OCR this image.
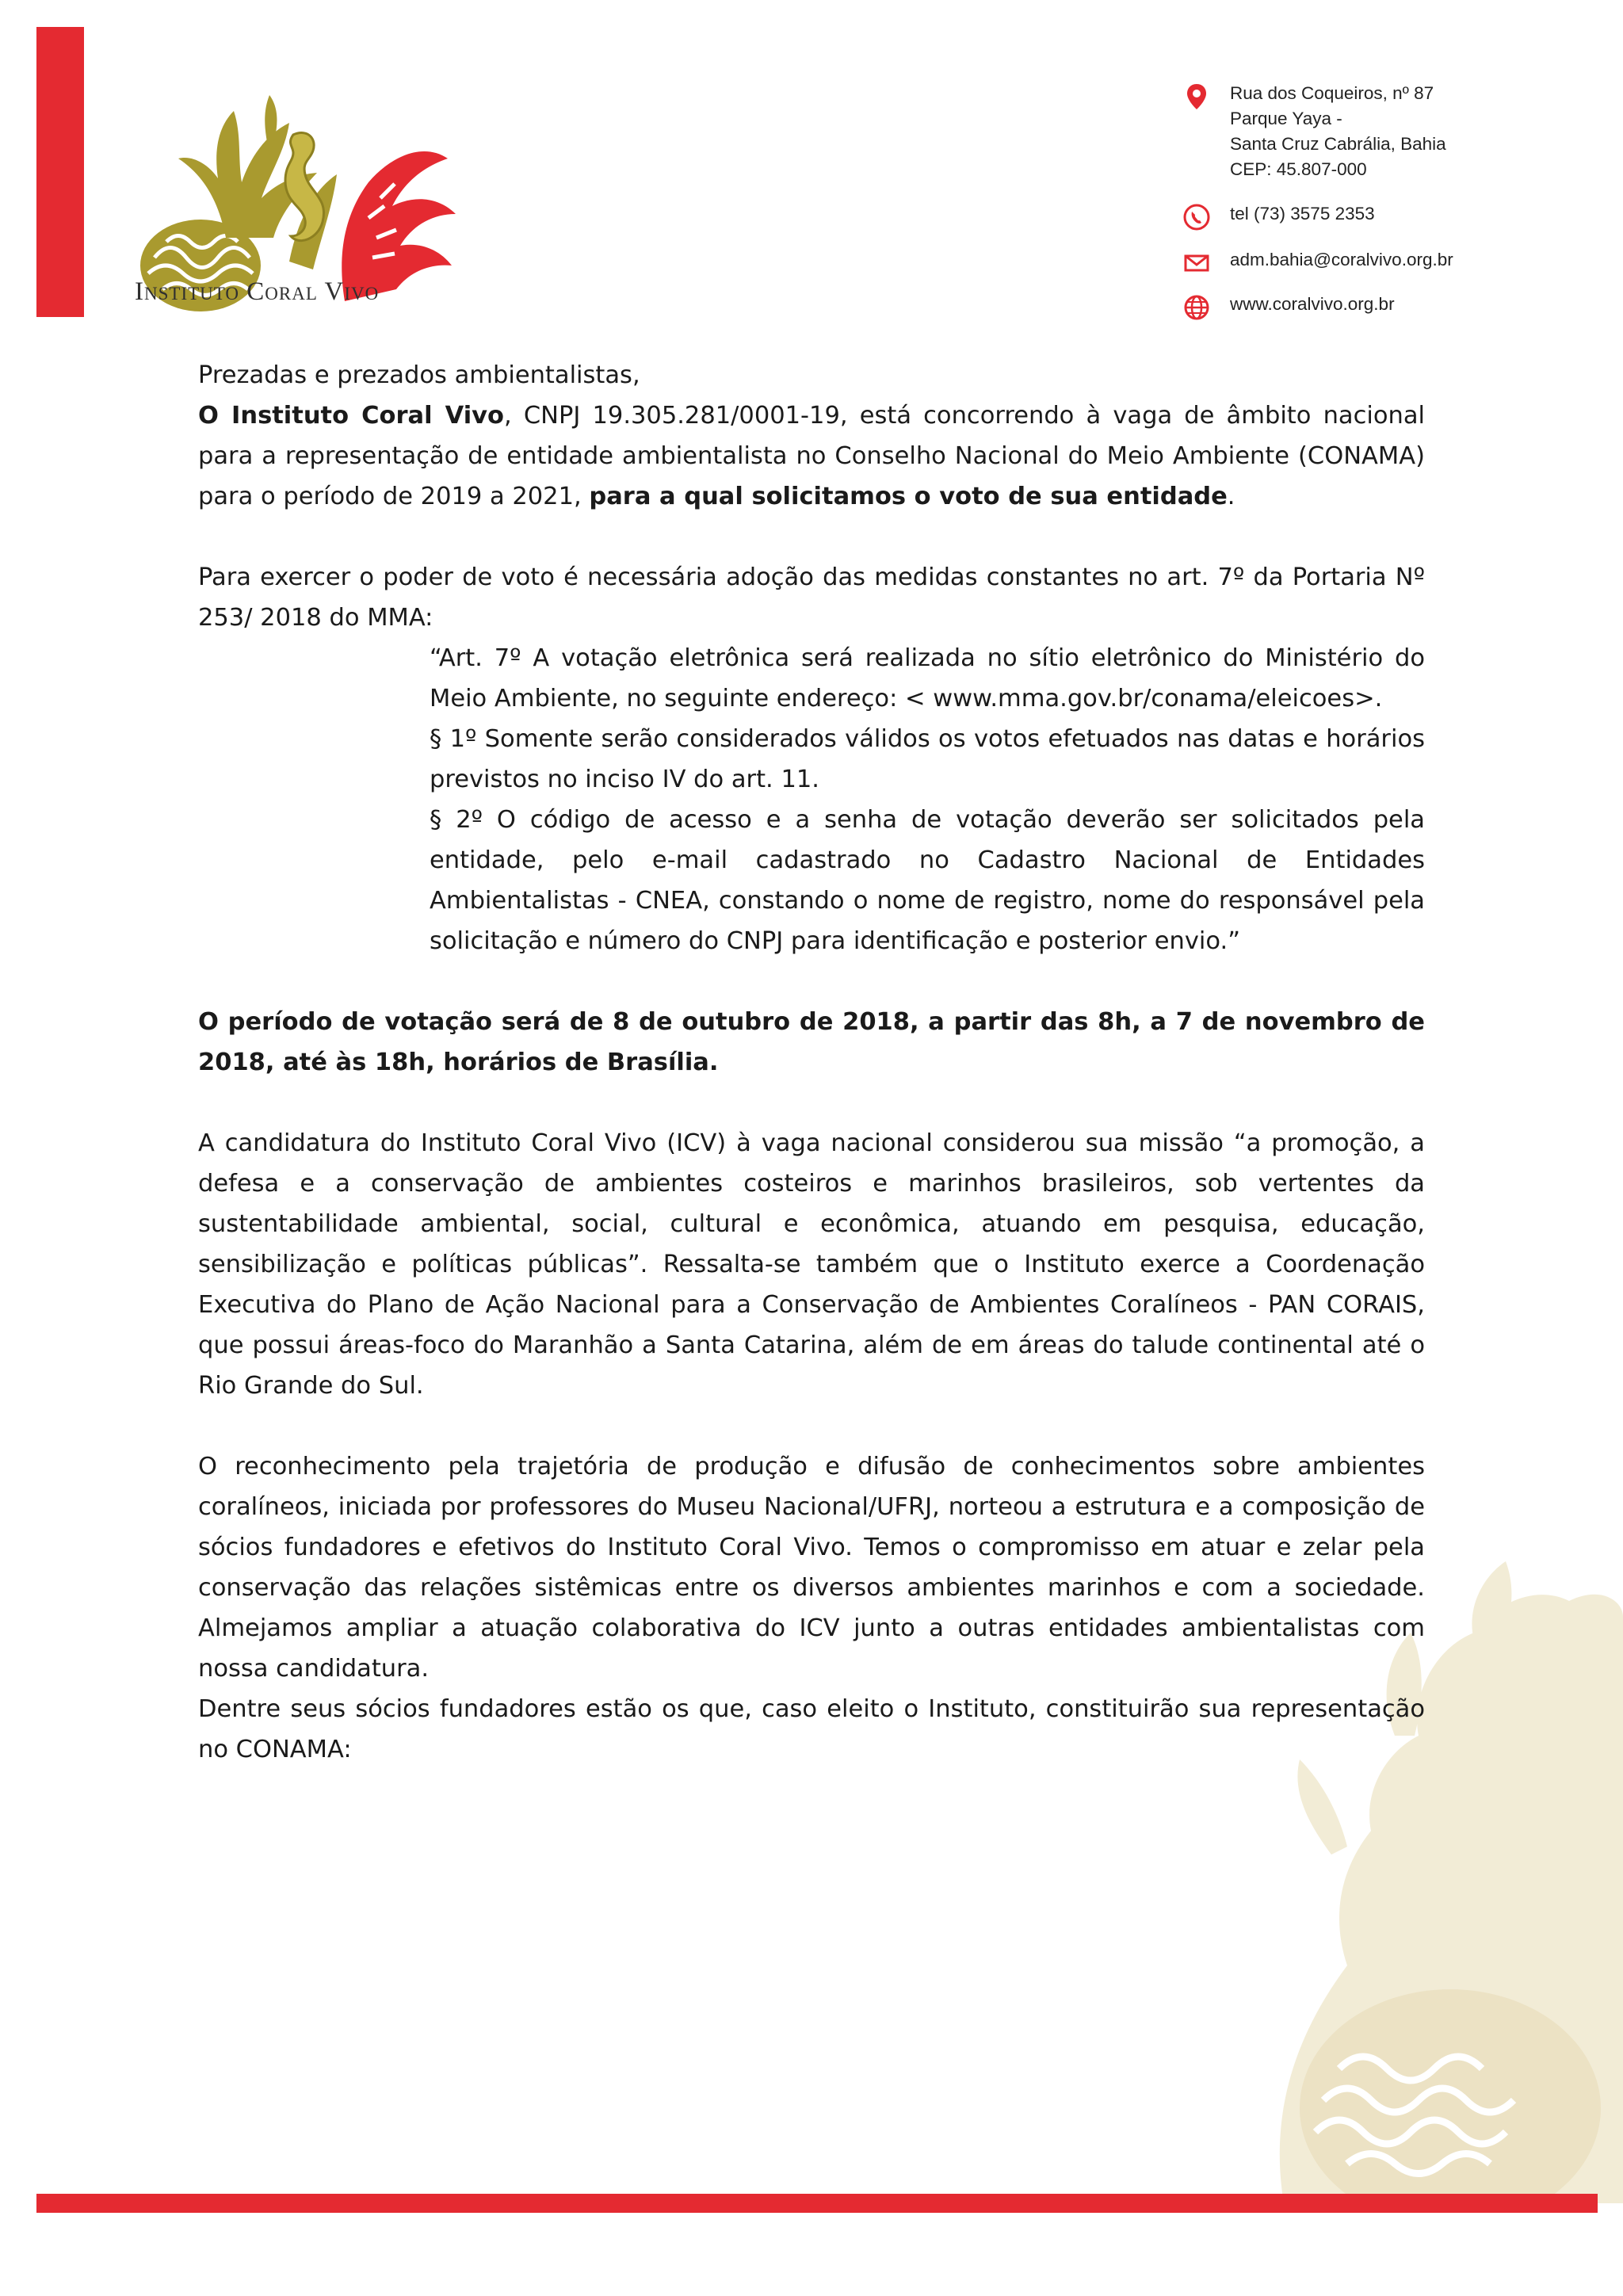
Instituto Coral Vivo
Rua dos Coqueiros, nº 87
Parque Yaya -
Santa Cruz Cabrália, Bahia
CEP: 45.807-000
tel (73) 3575 2353
adm.bahia@coralvivo.org.br
www.coralvivo.org.br

Prezadas e prezados ambientalistas,

O Instituto Coral Vivo, CNPJ 19.305.281/0001-19, está concorrendo à vaga de âmbito nacional para a representação de entidade ambientalista no Conselho Nacional do Meio Ambiente (CONAMA) para o período de 2019 a 2021, para a qual solicitamos o voto de sua entidade.

Para exercer o poder de voto é necessária adoção das medidas constantes no art. 7º da Portaria Nº 253/ 2018 do MMA:

“Art. 7º A votação eletrônica será realizada no sítio eletrônico do Ministério do Meio Ambiente, no seguinte endereço: < www.mma.gov.br/conama/eleicoes>.

§ 1º Somente serão considerados válidos os votos efetuados nas datas e horários previstos no inciso IV do art. 11.

§ 2º O código de acesso e a senha de votação deverão ser solicitados pela entidade, pelo e-mail cadastrado no Cadastro Nacional de Entidades Ambientalistas - CNEA, constando o nome de registro, nome do responsável pela solicitação e número do CNPJ para identificação e posterior envio.”

O período de votação será de 8 de outubro de 2018, a partir das 8h, a 7 de novembro de 2018, até às 18h, horários de Brasília.

A candidatura do Instituto Coral Vivo (ICV) à vaga nacional considerou sua missão “a promoção, a defesa e a conservação de ambientes costeiros e marinhos brasileiros, sob vertentes da sustentabilidade ambiental, social, cultural e econômica, atuando em pesquisa, educação, sensibilização e políticas públicas”. Ressalta-se também que o Instituto exerce a Coordenação Executiva do Plano de Ação Nacional para a Conservação de Ambientes Coralíneos - PAN CORAIS, que possui áreas-foco do Maranhão a Santa Catarina, além de em áreas do talude continental até o Rio Grande do Sul.

O reconhecimento pela trajetória de produção e difusão de conhecimentos sobre ambientes coralíneos, iniciada por professores do Museu Nacional/UFRJ, norteou a estrutura e a composição de sócios fundadores e efetivos do Instituto Coral Vivo. Temos o compromisso em atuar e zelar pela conservação das relações sistêmicas entre os diversos ambientes marinhos e com a sociedade. Almejamos ampliar a atuação colaborativa do ICV junto a outras entidades ambientalistas com nossa candidatura.

Dentre seus sócios fundadores estão os que, caso eleito o Instituto, constituirão sua representação no CONAMA:
